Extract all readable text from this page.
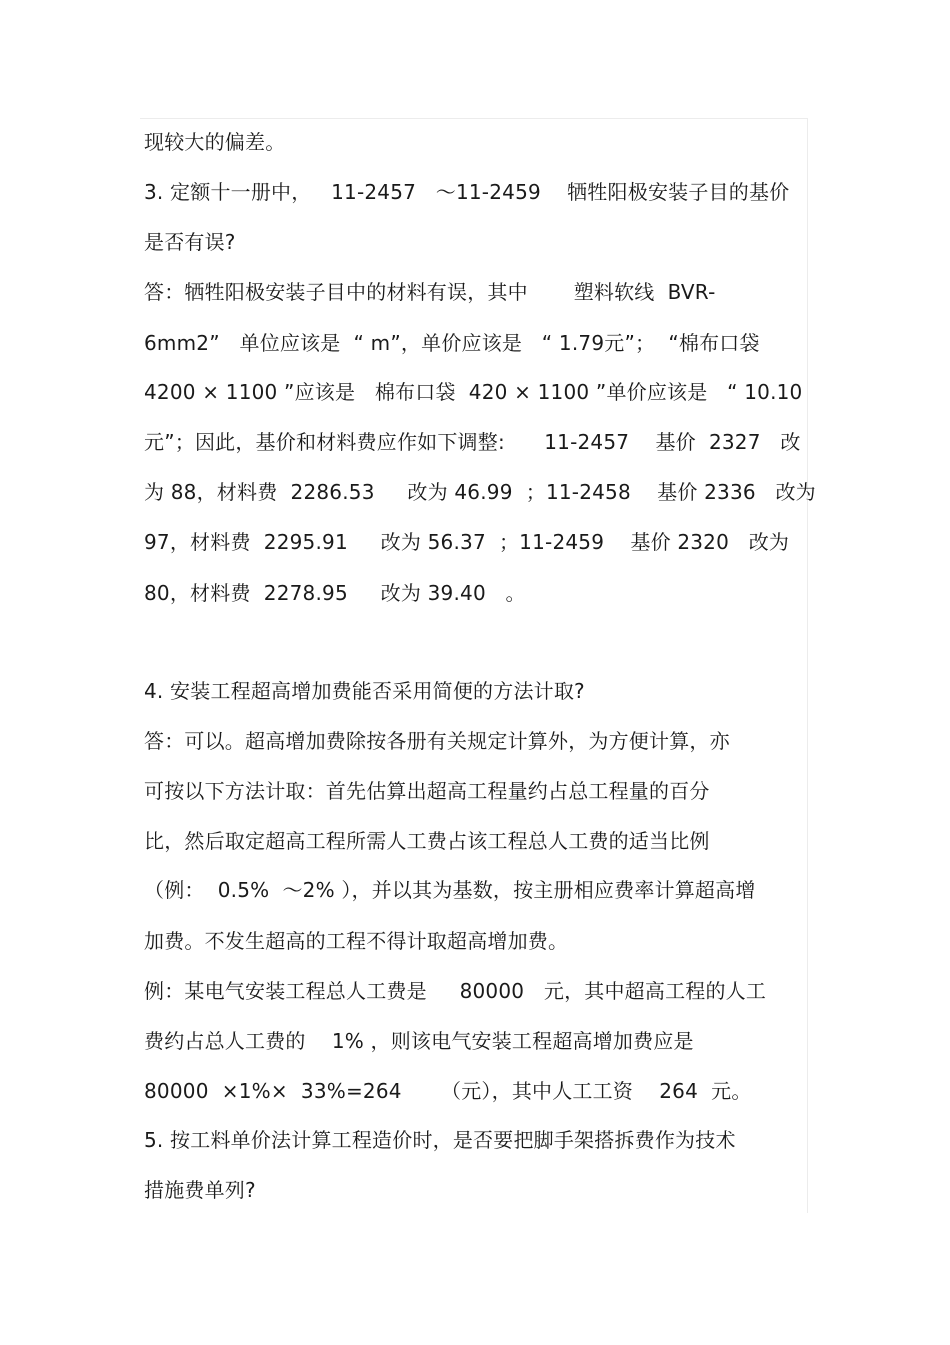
现较大的偏差。
3. 定额十一册中，   11-2457   ～11-2459    牺牲阳极安装子目的基价
是否有误?
答：牺牲阳极安装子目中的材料有误，其中       塑料软线  BVR-
6mm2”   单位应该是  “ m”，单价应该是   “ 1.79元”；  “棉布口袋
4200 × 1100 ”应该是   棉布口袋  420 × 1100 ”单价应该是   “ 10.10
元”；因此，基价和材料费应作如下调整:      11-2457    基价  2327   改
为 88，材料费  2286.53     改为 46.99  ；11-2458    基价 2336   改为
97，材料费  2295.91     改为 56.37  ；11-2459    基价 2320   改为
80，材料费  2278.95     改为 39.40   。
4. 安装工程超高增加费能否采用简便的方法计取?
答：可以。超高增加费除按各册有关规定计算外，为方便计算，亦
可按以下方法计取：首先估算出超高工程量约占总工程量的百分
比，然后取定超高工程所需人工费占该工程总人工费的适当比例
（例：  0.5%  ～2% ），并以其为基数，按主册相应费率计算超高增
加费。不发生超高的工程不得计取超高增加费。
例：某电气安装工程总人工费是     80000   元，其中超高工程的人工
费约占总人工费的    1% ，则该电气安装工程超高增加费应是
80000  ×1%×  33%=264      （元），其中人工工资    264  元。
5. 按工料单价法计算工程造价时，是否要把脚手架搭拆费作为技术
措施费单列?
